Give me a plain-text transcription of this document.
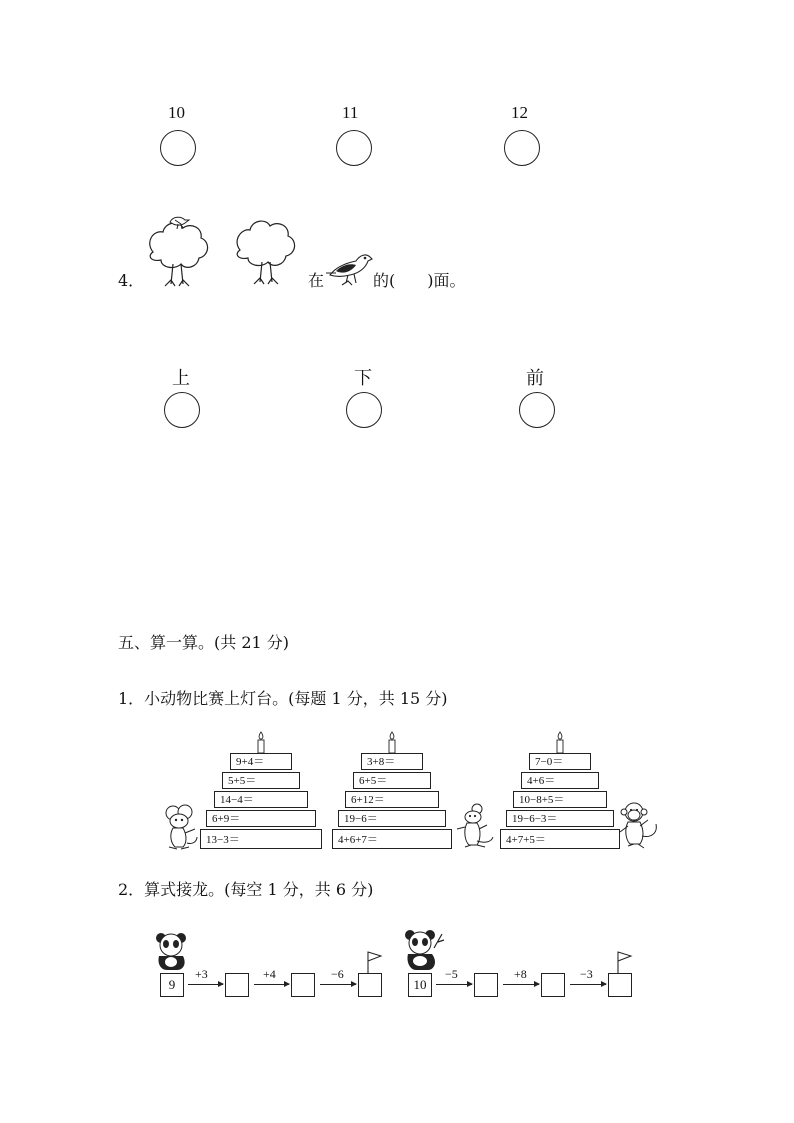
10	11	12
4．	在	的(　　)面。
上	下	前
五、算一算。(共 21 分)
1．小动物比赛上灯台。(每题 1 分，共 15 分)
9+4＝
5+5＝
14−4＝
6+9＝
13−3＝
3+8＝
6+5＝
6+12＝
19−6＝
4+6+7＝
7−0＝
4+6＝
10−8+5＝
19−6−3＝
4+7+5＝
2．算式接龙。(每空 1 分，共 6 分)
9
+3	+4	−6
10
−5	+8	−3
